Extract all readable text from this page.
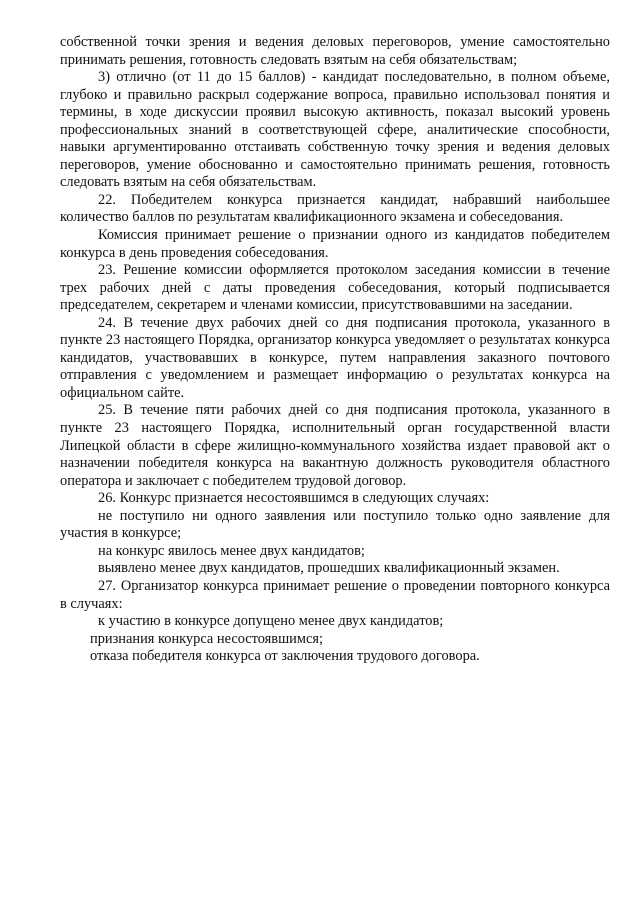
собственной точки зрения и ведения деловых переговоров, умение самостоятельно принимать решения, готовность следовать взятым на себя обязательствам;

3) отлично (от 11 до 15 баллов) - кандидат последовательно, в полном объеме, глубоко и правильно раскрыл содержание вопроса, правильно использовал понятия и термины, в ходе дискуссии проявил высокую активность, показал высокий уровень профессиональных знаний в соответствующей сфере, аналитические способности, навыки аргументированно отстаивать собственную точку зрения и ведения деловых переговоров, умение обоснованно и самостоятельно принимать решения, готовность следовать взятым на себя обязательствам.

22. Победителем конкурса признается кандидат, набравший наибольшее количество баллов по результатам квалификационного экзамена и собеседования.

Комиссия принимает решение о признании одного из кандидатов победителем конкурса в день проведения собеседования.

23. Решение комиссии оформляется протоколом заседания комиссии в течение трех рабочих дней с даты проведения собеседования, который подписывается председателем, секретарем и членами комиссии, присутствовавшими на заседании.

24. В течение двух рабочих дней со дня подписания протокола, указанного в пункте 23 настоящего Порядка, организатор конкурса уведомляет о результатах конкурса кандидатов, участвовавших в конкурсе, путем направления заказного почтового отправления с уведомлением и размещает информацию о результатах конкурса на официальном сайте.

25. В течение пяти рабочих дней со дня подписания протокола, указанного в пункте 23 настоящего Порядка, исполнительный орган государственной власти Липецкой области в сфере жилищно-коммунального хозяйства издает правовой акт о назначении победителя конкурса на вакантную должность руководителя областного оператора и заключает с победителем трудовой договор.

26. Конкурс признается несостоявшимся в следующих случаях:

не поступило ни одного заявления или поступило только одно заявление для участия в конкурсе;

на конкурс явилось менее двух кандидатов;

выявлено менее двух кандидатов, прошедших квалификационный экзамен.

27. Организатор конкурса принимает решение о проведении повторного конкурса в случаях:

к участию в конкурсе допущено менее двух кандидатов;

признания конкурса несостоявшимся;

отказа победителя конкурса от заключения трудового договора.
